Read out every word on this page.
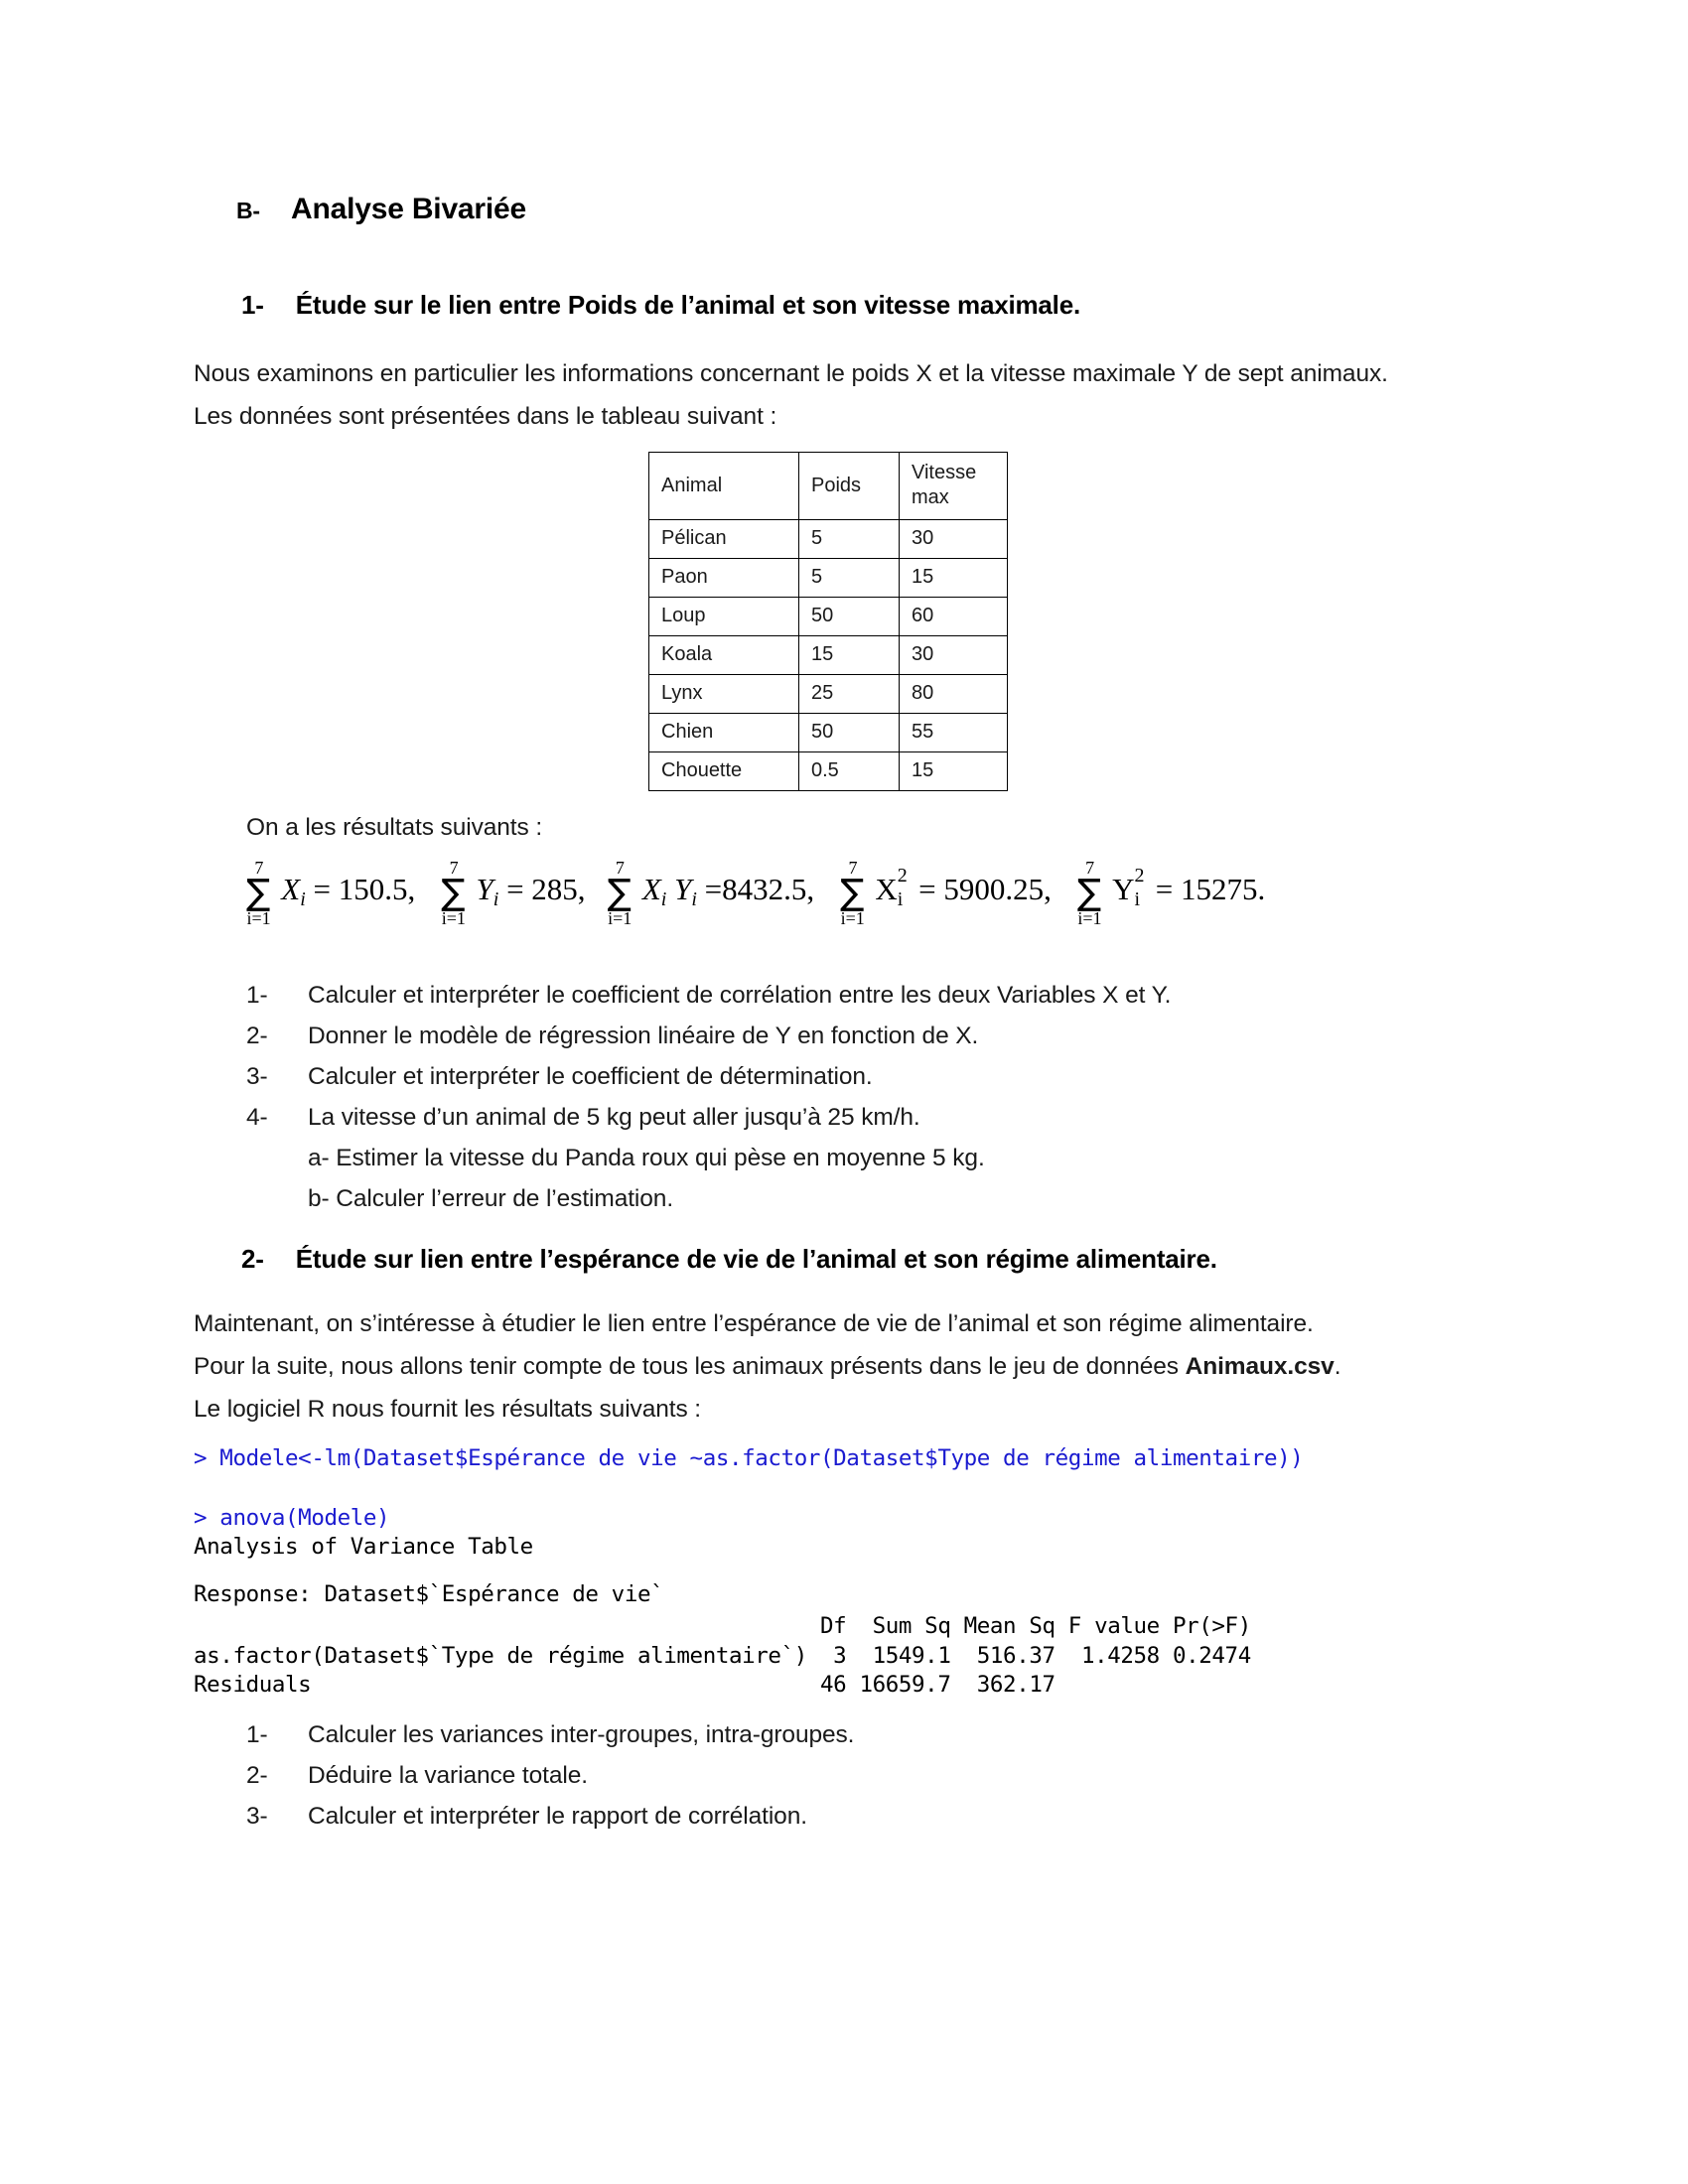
B- Analyse Bivariée
1- Étude sur le lien entre Poids de l’animal et son vitesse maximale.
Nous examinons en particulier les informations concernant le poids X et la vitesse maximale Y de sept animaux. Les données sont présentées dans le tableau suivant :
Animal	Poids	Vitesse
max
Pélican	5	30
Paon	5	15
Loup	50	60
Koala	15	30
Lynx	25	80
Chien	50	55
Chouette	0.5	15
On a les résultats suivants :
∑
7
i=1
$X_i = 150.5$, ∑
7
i=1
$Y_i = 285$, ∑
7
i=1
$X_i$ $Y_i =8432.5$, ∑
7
i=1
Xi
2 = 5900.25, ∑
7
i=1
Yi
2 = 15275.
1-	Calculer et interpréter le coefficient de corrélation entre les deux Variables X et Y.
2-	Donner le modèle de régression linéaire de Y en fonction de X.
3-	Calculer et interpréter le coefficient de détermination.
4-	La vitesse d’un animal de 5 kg peut aller jusqu’à 25 km/h.
a- Estimer la vitesse du Panda roux qui pèse en moyenne 5 kg.
b- Calculer l’erreur de l’estimation.
2- Étude sur lien entre l’espérance de vie de l’animal et son régime alimentaire.
Maintenant, on s’intéresse à étudier le lien entre l’espérance de vie de l’animal et son régime alimentaire.
Pour la suite, nous allons tenir compte de tous les animaux présents dans le jeu de données Animaux.csv.
Le logiciel R nous fournit les résultats suivants :
> Modele<-lm(Dataset$Espérance de vie ~as.factor(Dataset$Type de régime alimentaire))
> anova(Modele)
Analysis of Variance Table
Response: Dataset$`Espérance de vie`
Df  Sum Sq Mean Sq F value Pr(>F)
as.factor(Dataset$`Type de régime alimentaire`)  3  1549.1  516.37  1.4258 0.2474
Residuals                                       46 16659.7  362.17
1-	Calculer les variances inter-groupes, intra-groupes.
2-	Déduire la variance totale.
3-	Calculer et interpréter le rapport de corrélation.
